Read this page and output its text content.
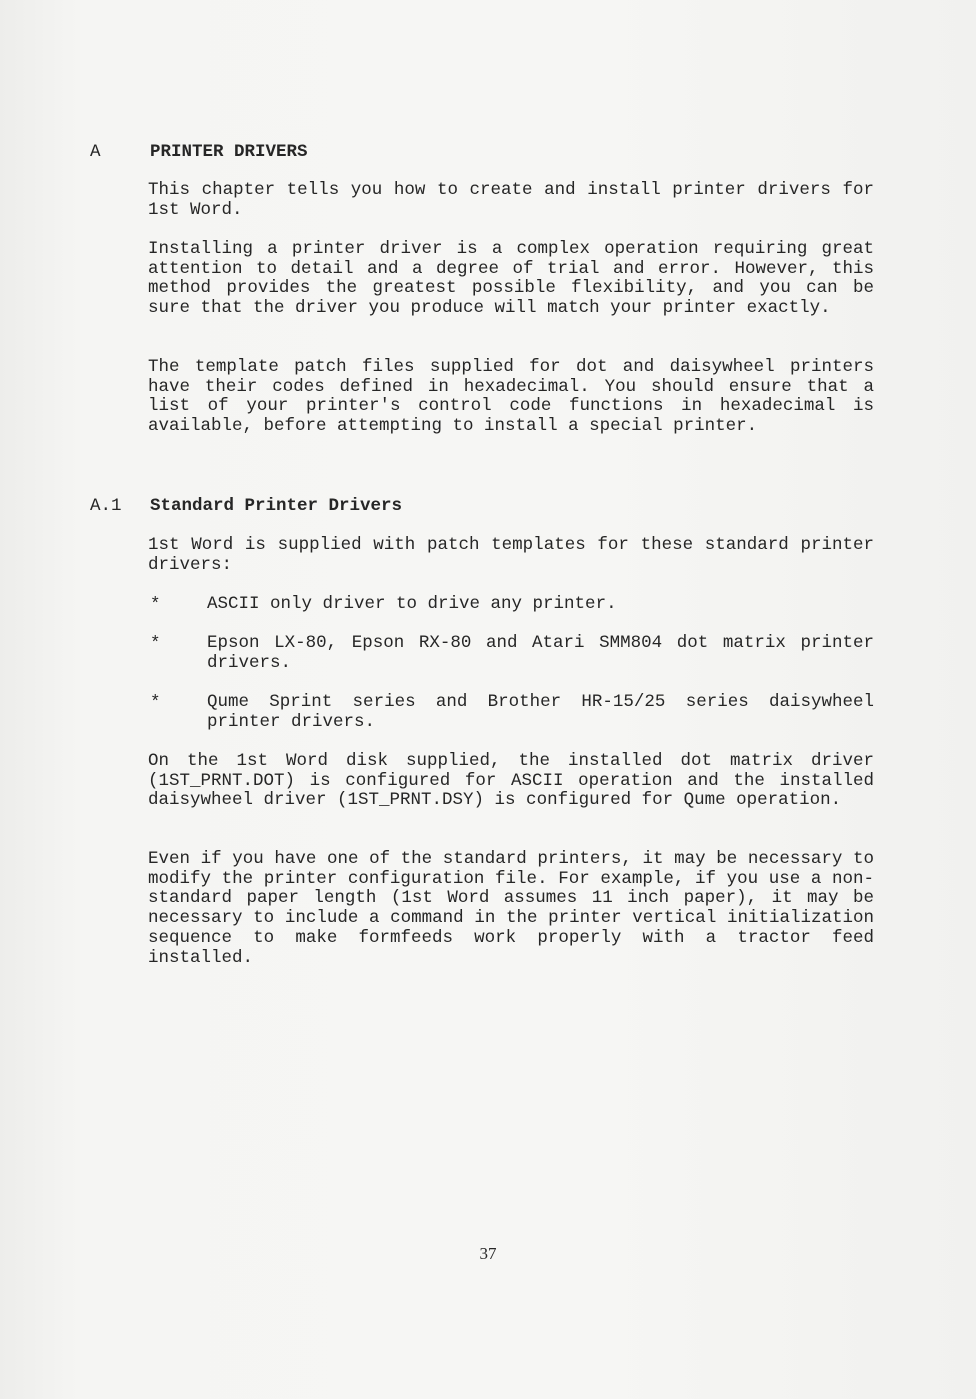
A	PRINTER DRIVERS
This chapter tells you how to create and install printer drivers for 1st Word.
Installing a printer driver is a complex operation requiring great attention to detail and a degree of trial and error. However, this method provides the greatest possible flexibility, and you can be sure that the driver you produce will match your printer exactly.
The template patch files supplied for dot and daisywheel printers have their codes defined in hexadecimal. You should ensure that a list of your printer's control code functions in hexadecimal is available, before attempting to install a special printer.
A.1 Standard Printer Drivers
1st Word is supplied with patch templates for these standard printer drivers:
*	ASCII only driver to drive any printer.
*	Epson LX-80, Epson RX-80 and Atari SMM804 dot matrix printer drivers.
*	Qume Sprint series and Brother HR-15/25 series daisywheel printer drivers.
On the 1st Word disk supplied, the installed dot matrix driver (1ST_PRNT.DOT) is configured for ASCII operation and the installed daisywheel driver (1ST_PRNT.DSY) is configured for Qume operation.
Even if you have one of the standard printers, it may be necessary to modify the printer configuration file. For example, if you use a non-standard paper length (1st Word assumes 11 inch paper), it may be necessary to include a command in the printer vertical initialization sequence to make formfeeds work properly with a tractor feed installed.
37
